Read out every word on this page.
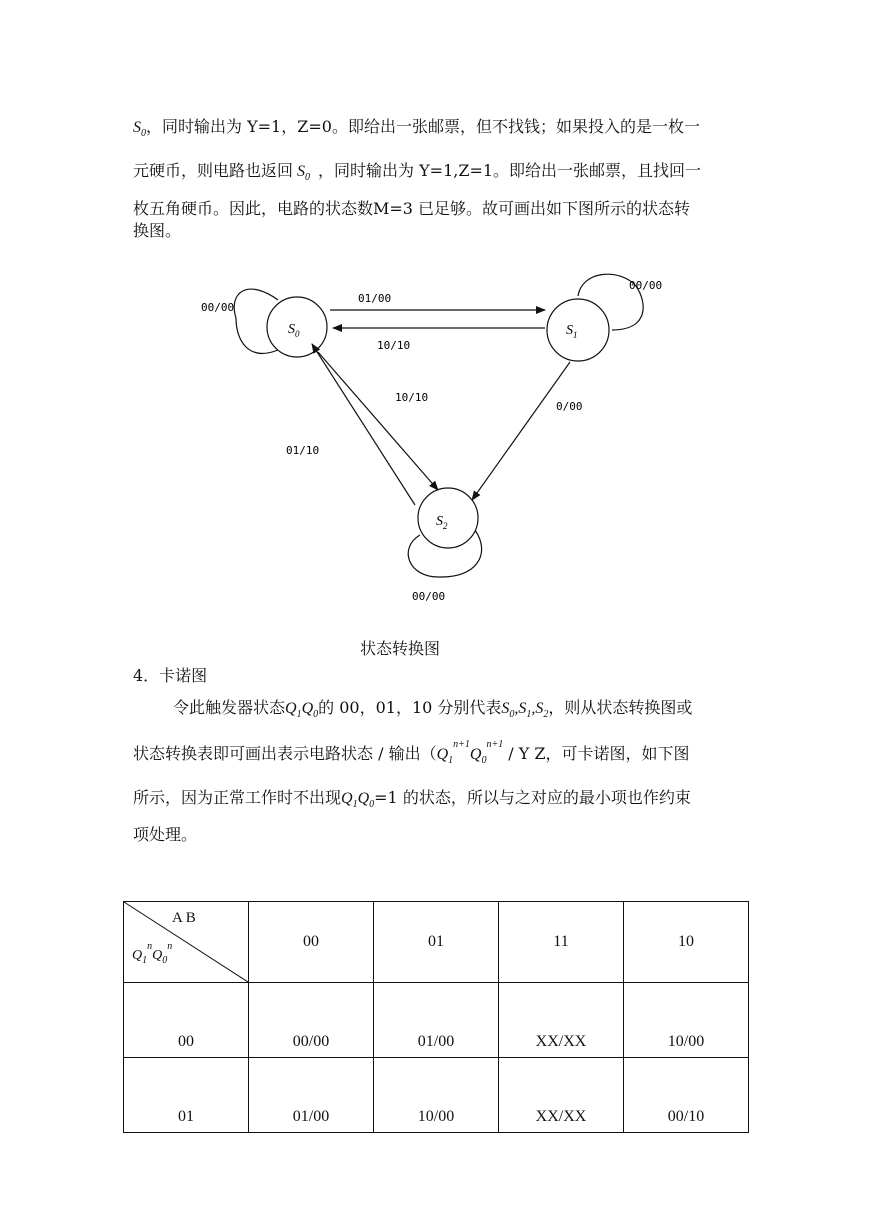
$S_0$，同时输出为 Y=1，Z=0。即给出一张邮票，但不找钱；如果投入的是一枚一
元硬币，则电路也返回 $S_0$ ，同时输出为 Y=1,Z=1。即给出一张邮票，且找回一
枚五角硬币。因此，电路的状态数M=3 已足够。故可画出如下图所示的状态转
换图。
$S_0$	$S_1$
$S_2$
00/00
01/00
10/10
00/00
10/10
0/00
01/10
00/00
状态转换图
4．卡诺图
令此触发器状态$Q_1Q_0$的 00，01，10 分别代表$S_0,S_1,S_2$，则从状态转换图或
状态转换表即可画出表示电路状态 / 输出（$Q_1^{n+1}Q_0^{n+1}$ / Y Z，可卡诺图，如下图
所示，因为正常工作时不出现$Q_1Q_0=1$ 的状态，所以与之对应的最小项也作约束
项处理。
A B
$Q_1^nQ_0^n$	00	01	11	10
00	00/00	01/00	XX/XX	10/00
01	01/00	10/00	XX/XX	00/10
